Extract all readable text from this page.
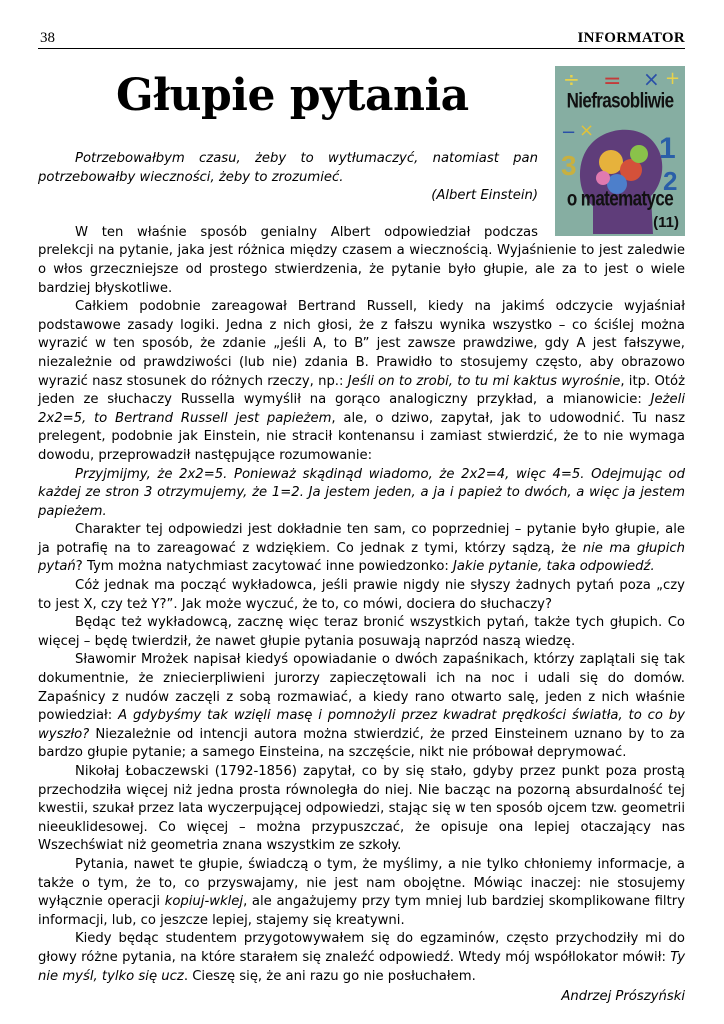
38	INFORMATOR
Głupie pytania	÷ = × +
×
−
Niefrasobliwie
1
3	2
o matematyce
(11)

Potrzebowałbym czasu, żeby to wytłumaczyć, natomiast pan potrzebowałby wieczności, żeby to zrozumieć.

(Albert Einstein)

W ten właśnie sposób genialny Albert odpowiedział podczas

prelekcji na pytanie, jaka jest różnica między czasem a wiecznością. Wyjaśnienie to jest zaledwie o włos grzeczniejsze od prostego stwierdzenia, że pytanie było głupie, ale za to jest o wiele bardziej błyskotliwe.

Całkiem podobnie zareagował Bertrand Russell, kiedy na jakimś odczycie wyjaśniał podstawowe zasady logiki. Jedna z nich głosi, że z fałszu wynika wszystko – co ściślej można wyrazić w ten sposób, że zdanie „jeśli A, to B” jest zawsze prawdziwe, gdy A jest fałszywe, niezależnie od prawdziwości (lub nie) zdania B. Prawidło to stosujemy często, aby obrazowo wyrazić nasz stosunek do różnych rzeczy, np.: Jeśli on to zrobi, to tu mi kaktus wyrośnie, itp. Otóż jeden ze słuchaczy Russella wymyślił na gorąco analogiczny przykład, a mianowicie: Jeżeli 2x2=5, to Bertrand Russell jest papieżem, ale, o dziwo, zapytał, jak to udowodnić. Tu nasz prelegent, podobnie jak Einstein, nie stracił kontenansu i zamiast stwierdzić, że to nie wymaga dowodu, przeprowadził następujące rozumowanie:

Przyjmijmy, że 2x2=5. Ponieważ skądinąd wiadomo, że 2x2=4, więc 4=5. Odejmując od każdej ze stron 3 otrzymujemy, że 1=2. Ja jestem jeden, a ja i papież to dwóch, a więc ja jestem papieżem.

Charakter tej odpowiedzi jest dokładnie ten sam, co poprzedniej – pytanie było głupie, ale ja potrafię na to zareagować z wdziękiem. Co jednak z tymi, którzy sądzą, że nie ma głupich pytań? Tym można natychmiast zacytować inne powiedzonko: Jakie pytanie, taka odpowiedź.

Cóż jednak ma począć wykładowca, jeśli prawie nigdy nie słyszy żadnych pytań poza „czy to jest X, czy też Y?”. Jak może wyczuć, że to, co mówi, dociera do słuchaczy?

Będąc też wykładowcą, zacznę więc teraz bronić wszystkich pytań, także tych głupich. Co więcej – będę twierdził, że nawet głupie pytania posuwają naprzód naszą wiedzę.

Sławomir Mrożek napisał kiedyś opowiadanie o dwóch zapaśnikach, którzy zaplątali się tak dokumentnie, że zniecierpliwieni jurorzy zapieczętowali ich na noc i udali się do domów. Zapaśnicy z nudów zaczęli z sobą rozmawiać, a kiedy rano otwarto salę, jeden z nich właśnie powiedział: A gdybyśmy tak wzięli masę i pomnożyli przez kwadrat prędkości światła, to co by wyszło? Niezależnie od intencji autora można stwierdzić, że przed Einsteinem uznano by to za bardzo głupie pytanie; a samego Einsteina, na szczęście, nikt nie próbował deprymować.

Nikołaj Łobaczewski (1792-1856) zapytał, co by się stało, gdyby przez punkt poza prostą przechodziła więcej niż jedna prosta równoległa do niej. Nie bacząc na pozorną absurdalność tej kwestii, szukał przez lata wyczerpującej odpowiedzi, stając się w ten sposób ojcem tzw. geometrii nieeuklidesowej. Co więcej – można przypuszczać, że opisuje ona lepiej otaczający nas Wszechświat niż geometria znana wszystkim ze szkoły.

Pytania, nawet te głupie, świadczą o tym, że myślimy, a nie tylko chłoniemy informacje, a także o tym, że to, co przyswajamy, nie jest nam obojętne. Mówiąc inaczej: nie stosujemy wyłącznie operacji kopiuj-wklej, ale angażujemy przy tym mniej lub bardziej skomplikowane filtry informacji, lub, co jeszcze lepiej, stajemy się kreatywni.

Kiedy będąc studentem przygotowywałem się do egzaminów, często przychodziły mi do głowy różne pytania, na które starałem się znaleźć odpowiedź. Wtedy mój współlokator mówił: Ty nie myśl, tylko się ucz. Cieszę się, że ani razu go nie posłuchałem.

Andrzej Prószyński
